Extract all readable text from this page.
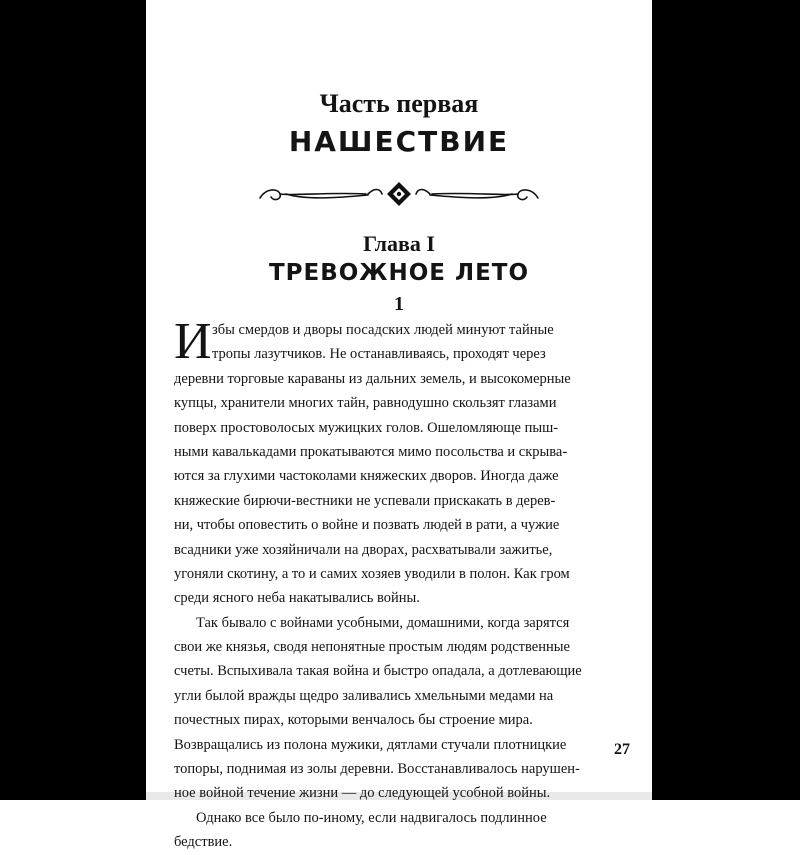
Часть первая
НАШЕСТВИЕ
Глава I
ТРЕВОЖНОЕ ЛЕТО
1
И збы смердов и дворы посадских людей минуют тайные
тропы лазутчиков. Не останавливаясь, проходят через
деревни торговые караваны из дальних земель, и высокомерные
купцы, хранители многих тайн, равнодушно скользят глазами
поверх простоволосых мужицких голов. Ошеломляюще пыш-
ными кавалькадами прокатываются мимо посольства и скрыва-
ются за глухими частоколами княжеских дворов. Иногда даже
княжеские бирючи-вестники не успевали прискакать в дерев-
ни, чтобы оповестить о войне и позвать людей в рати, а чужие
всадники уже хозяйничали на дворах, расхватывали зажитье,
угоняли скотину, а то и самих хозяев уводили в полон. Как гром
среди ясного неба накатывались войны.
Так бывало с войнами усобными, домашними, когда зарятся
свои же князья, сводя непонятные простым людям родственные
счеты. Вспыхивала такая война и быстро опадала, а дотлевающие
угли былой вражды щедро заливались хмельными медами на
почестных пирах, которыми венчалось бы строение мира.
Возвращались из полона мужики, дятлами стучали плотницкие
топоры, поднимая из золы деревни. Восстанавливалось нарушен-
ное войной течение жизни — до следующей усобной войны.
Однако все было по-иному, если надвигалось подлинное
бедствие.
27
